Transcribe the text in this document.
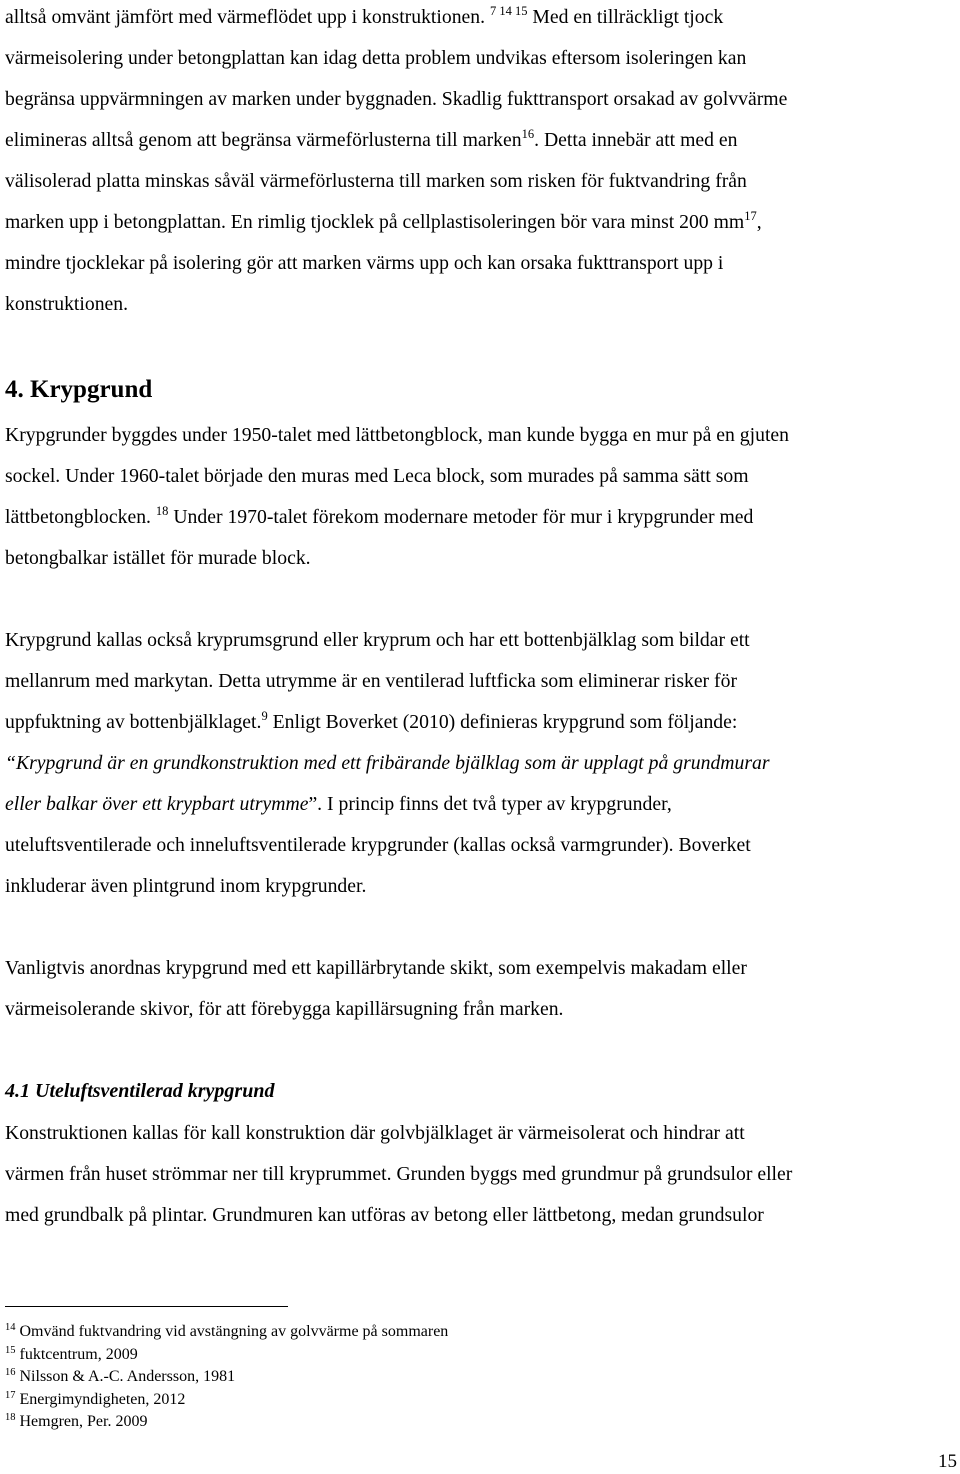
alltså omvänt jämfört med värmeflödet upp i konstruktionen. $^{7 14 15}$ Med en tillräckligt tjock

värmeisolering under betongplattan kan idag detta problem undvikas eftersom isoleringen kan

begränsa uppvärmningen av marken under byggnaden. Skadlig fukttransport orsakad av golvvärme

elimineras alltså genom att begränsa värmeförlusterna till marken$^{16}$. Detta innebär att med en

välisolerad platta minskas såväl värmeförlusterna till marken som risken för fuktvandring från

marken upp i betongplattan. En rimlig tjocklek på cellplastisoleringen bör vara minst 200 $mm^{17}$,

mindre tjocklekar på isolering gör att marken värms upp och kan orsaka fukttransport upp i

konstruktionen.

4. Krypgrund

Krypgrunder byggdes under 1950-talet med lättbetongblock, man kunde bygga en mur på en gjuten

sockel. Under 1960-talet började den muras med Leca block, som murades på samma sätt som

lättbetongblocken. $^{18}$ Under 1970-talet förekom modernare metoder för mur i krypgrunder med

betongbalkar istället för murade block.

Krypgrund kallas också kryprumsgrund eller kryprum och har ett bottenbjälklag som bildar ett

mellanrum med markytan. Detta utrymme är en ventilerad luftficka som eliminerar risker för

uppfuktning av bottenbjälklaget.$^9$ Enligt Boverket (2010) definieras krypgrund som följande:

“Krypgrund är en grundkonstruktion med ett fribärande bjälklag som är upplagt på grundmurar

eller balkar över ett krypbart utrymme”. I princip finns det två typer av krypgrunder,

uteluftsventilerade och inneluftsventilerade krypgrunder (kallas också varmgrunder). Boverket

inkluderar även plintgrund inom krypgrunder.

Vanligtvis anordnas krypgrund med ett kapillärbrytande skikt, som exempelvis makadam eller

värmeisolerande skivor, för att förebygga kapillärsugning från marken.

4.1 Uteluftsventilerad krypgrund

Konstruktionen kallas för kall konstruktion där golvbjälklaget är värmeisolerat och hindrar att

värmen från huset strömmar ner till kryprummet. Grunden byggs med grundmur på grundsulor eller

med grundbalk på plintar. Grundmuren kan utföras av betong eller lättbetong, medan grundsulor

$^{14}$ Omvänd fuktvandring vid avstängning av golvvärme på sommaren

$^{15}$ fuktcentrum, 2009

$^{16}$ Nilsson & A.-C. Andersson, 1981

$^{17}$ Energimyndigheten, 2012

$^{18}$ Hemgren, Per. 2009

15
